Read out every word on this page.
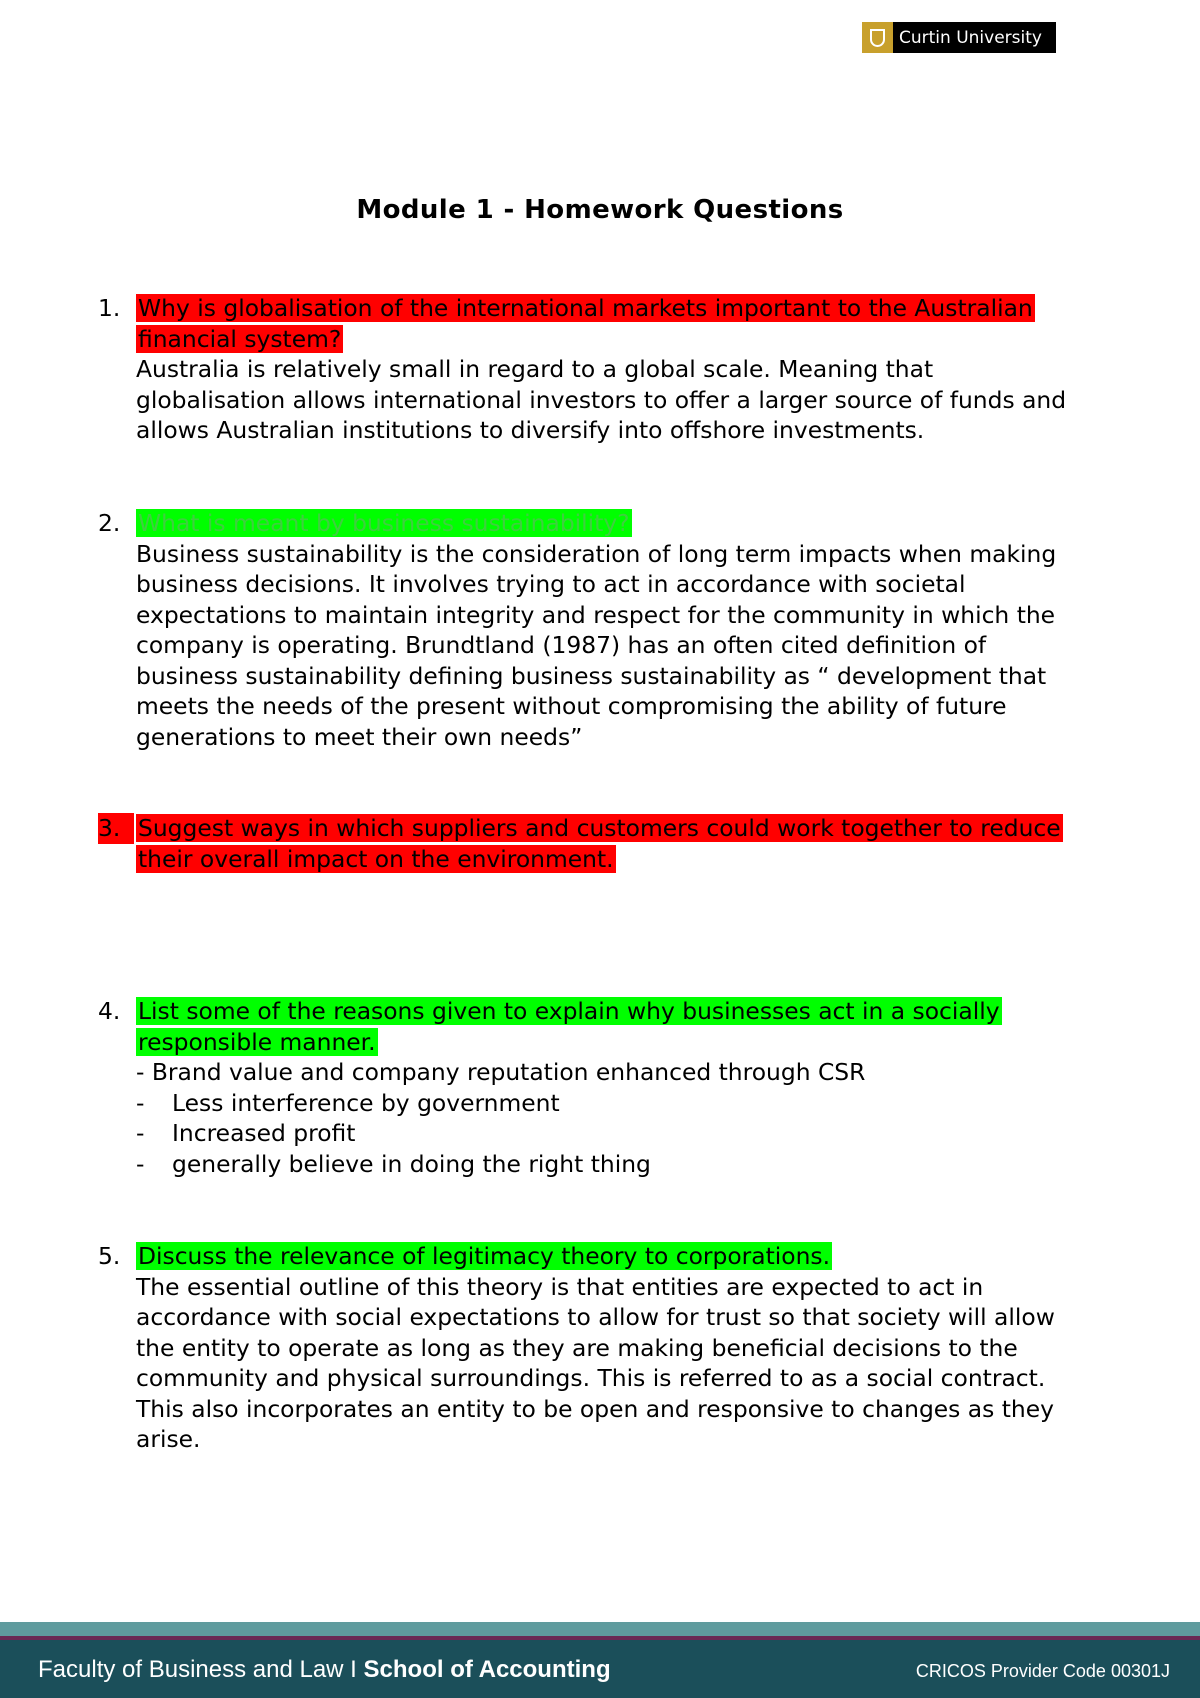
Curtin University
Module 1 - Homework Questions
1. Why is globalisation of the international markets important to the Australian financial system?
Australia is relatively small in regard to a global scale. Meaning that globalisation allows international investors to offer a larger source of funds and allows Australian institutions to diversify into offshore investments.
2. What is meant by business sustainability?
Business sustainability is the consideration of long term impacts when making business decisions. It involves trying to act in accordance with societal expectations to maintain integrity and respect for the community in which the company is operating. Brundtland (1987) has an often cited definition of business sustainability defining business sustainability as “ development that meets the needs of the present without compromising the ability of future generations to meet their own needs”
3. Suggest ways in which suppliers and customers could work together to reduce their overall impact on the environment.
4. List some of the reasons given to explain why businesses act in a socially responsible manner.

- Brand value and company reputation enhanced through CSR
- Less interference by government
- Increased profit
- generally believe in doing the right thing
5. Discuss the relevance of legitimacy theory to corporations.
The essential outline of this theory is that entities are expected to act in accordance with social expectations to allow for trust so that society will allow the entity to operate as long as they are making beneficial decisions to the community and physical surroundings. This is referred to as a social contract. This also incorporates an entity to be open and responsive to changes as they arise.
Faculty of Business and Law I School of Accounting	CRICOS Provider Code 00301J
